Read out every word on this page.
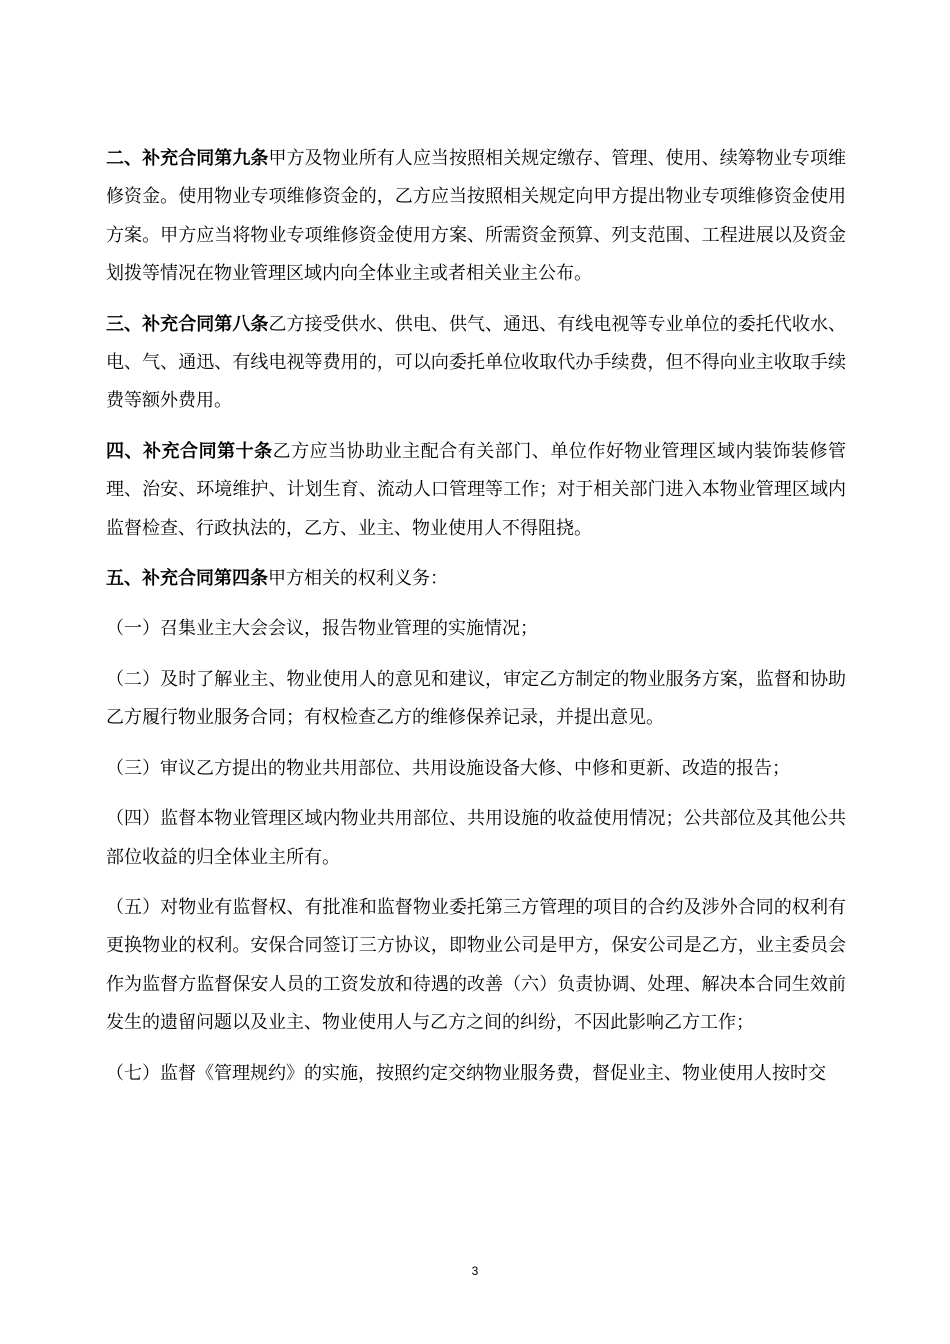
二、补充合同第九条甲方及物业所有人应当按照相关规定缴存、管理、使用、续筹物业专项维修资金。使用物业专项维修资金的，乙方应当按照相关规定向甲方提出物业专项维修资金使用方案。甲方应当将物业专项维修资金使用方案、所需资金预算、列支范围、工程进展以及资金划拨等情况在物业管理区域内向全体业主或者相关业主公布。

三、补充合同第八条乙方接受供水、供电、供气、通迅、有线电视等专业单位的委托代收水、电、气、通迅、有线电视等费用的，可以向委托单位收取代办手续费，但不得向业主收取手续费等额外费用。

四、补充合同第十条乙方应当协助业主配合有关部门、单位作好物业管理区域内装饰装修管理、治安、环境维护、计划生育、流动人口管理等工作；对于相关部门进入本物业管理区域内监督检查、行政执法的，乙方、业主、物业使用人不得阻挠。

五、补充合同第四条甲方相关的权利义务：

（一）召集业主大会会议，报告物业管理的实施情况；

（二）及时了解业主、物业使用人的意见和建议，审定乙方制定的物业服务方案，监督和协助乙方履行物业服务合同；有权检查乙方的维修保养记录，并提出意见。

（三）审议乙方提出的物业共用部位、共用设施设备大修、中修和更新、改造的报告；

（四）监督本物业管理区域内物业共用部位、共用设施的收益使用情况；公共部位及其他公共部位收益的归全体业主所有。

（五）对物业有监督权、有批准和监督物业委托第三方管理的项目的合约及涉外合同的权利有更换物业的权利。安保合同签订三方协议，即物业公司是甲方，保安公司是乙方，业主委员会作为监督方监督保安人员的工资发放和待遇的改善（六）负责协调、处理、解决本合同生效前发生的遗留问题以及业主、物业使用人与乙方之间的纠纷，不因此影响乙方工作；

（七）监督《管理规约》的实施，按照约定交纳物业服务费，督促业主、物业使用人按时交

3
